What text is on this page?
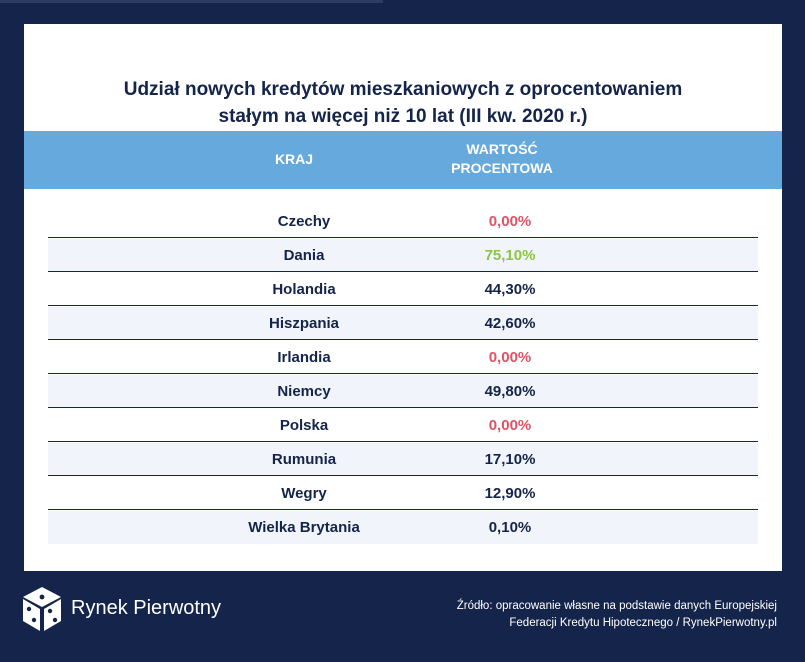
Udział nowych kredytów mieszkaniowych z oprocentowaniem
stałym na więcej niż 10 lat (III kw. 2020 r.)
KRAJ
WARTOŚĆ
PROCENTOWA
Czechy	0,00%
Dania	75,10%
Holandia	44,30%
Hiszpania	42,60%
Irlandia	0,00%
Niemcy	49,80%
Polska	0,00%
Rumunia	17,10%
Wegry	12,90%
Wielka Brytania	0,10%
Rynek Pierwotny	Źródło: opracowanie własne na podstawie danych Europejskiej
Federacji Kredytu Hipotecznego / RynekPierwotny.pl
